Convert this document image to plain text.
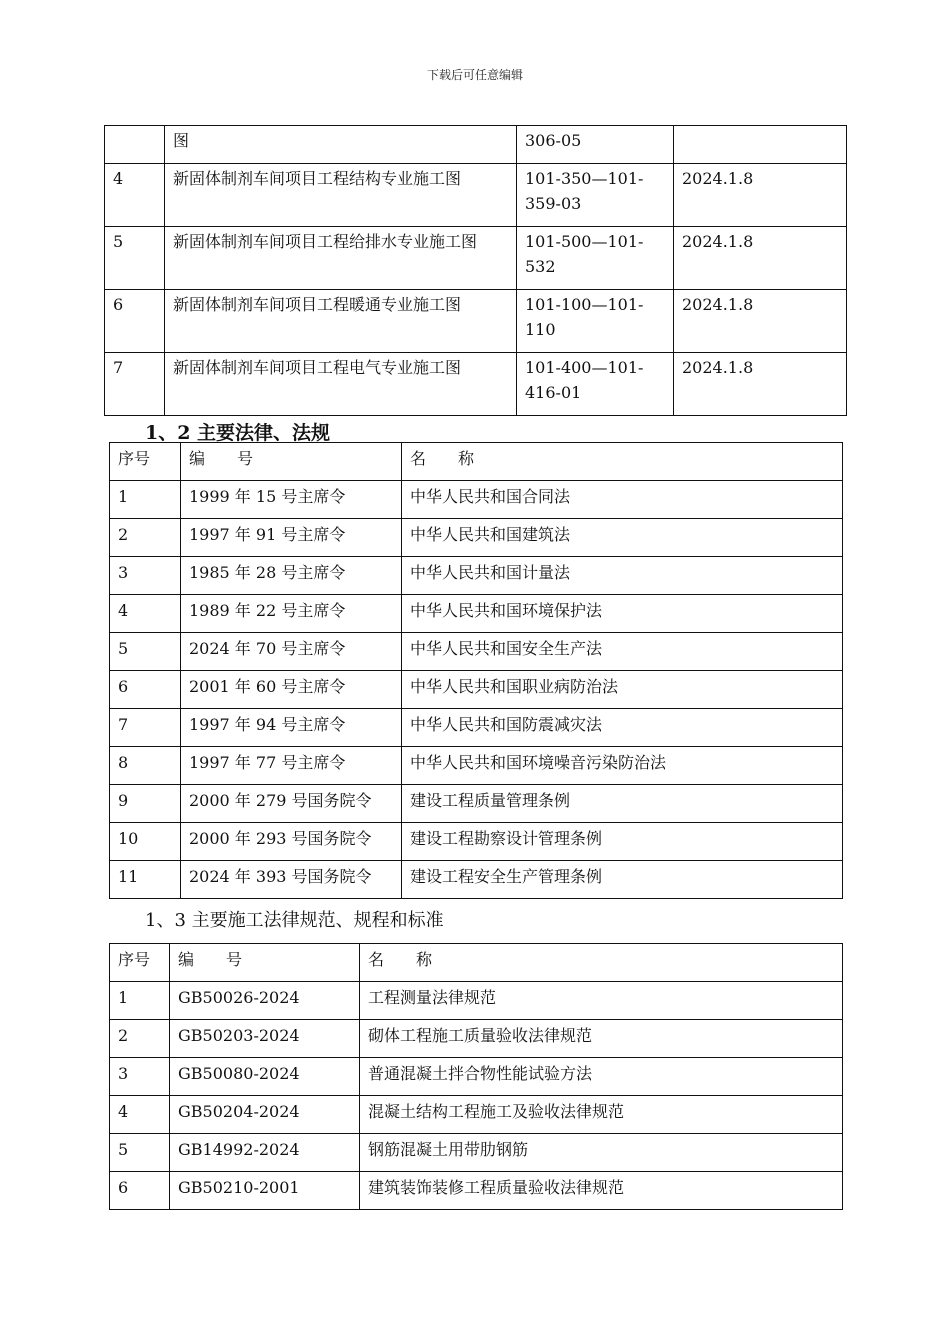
下载后可任意编辑
	图	306-05	
4	新固体制剂车间项目工程结构专业施工图	101-350—101-359-03	2024.1.8
5	新固体制剂车间项目工程给排水专业施工图	101-500—101-532	2024.1.8
6	新固体制剂车间项目工程暖通专业施工图	101-100—101-110	2024.1.8
7	新固体制剂车间项目工程电气专业施工图	101-400—101-416-01	2024.1.8
1、2 主要法律、法规
序号	编　　号	名　　称
1	1999 年 15 号主席令	中华人民共和国合同法
2	1997 年 91 号主席令	中华人民共和国建筑法
3	1985 年 28 号主席令	中华人民共和国计量法
4	1989 年 22 号主席令	中华人民共和国环境保护法
5	2024 年 70 号主席令	中华人民共和国安全生产法
6	2001 年 60 号主席令	中华人民共和国职业病防治法
7	1997 年 94 号主席令	中华人民共和国防震减灾法
8	1997 年 77 号主席令	中华人民共和国环境噪音污染防治法
9	2000 年 279 号国务院令	建设工程质量管理条例
10	2000 年 293 号国务院令	建设工程勘察设计管理条例
11	2024 年 393 号国务院令	建设工程安全生产管理条例
1、3 主要施工法律规范、规程和标准
序号	编　　号	名　　称
1	GB50026-2024	工程测量法律规范
2	GB50203-2024	砌体工程施工质量验收法律规范
3	GB50080-2024	普通混凝土拌合物性能试验方法
4	GB50204-2024	混凝土结构工程施工及验收法律规范
5	GB14992-2024	钢筋混凝土用带肋钢筋
6	GB50210-2001	建筑装饰装修工程质量验收法律规范
